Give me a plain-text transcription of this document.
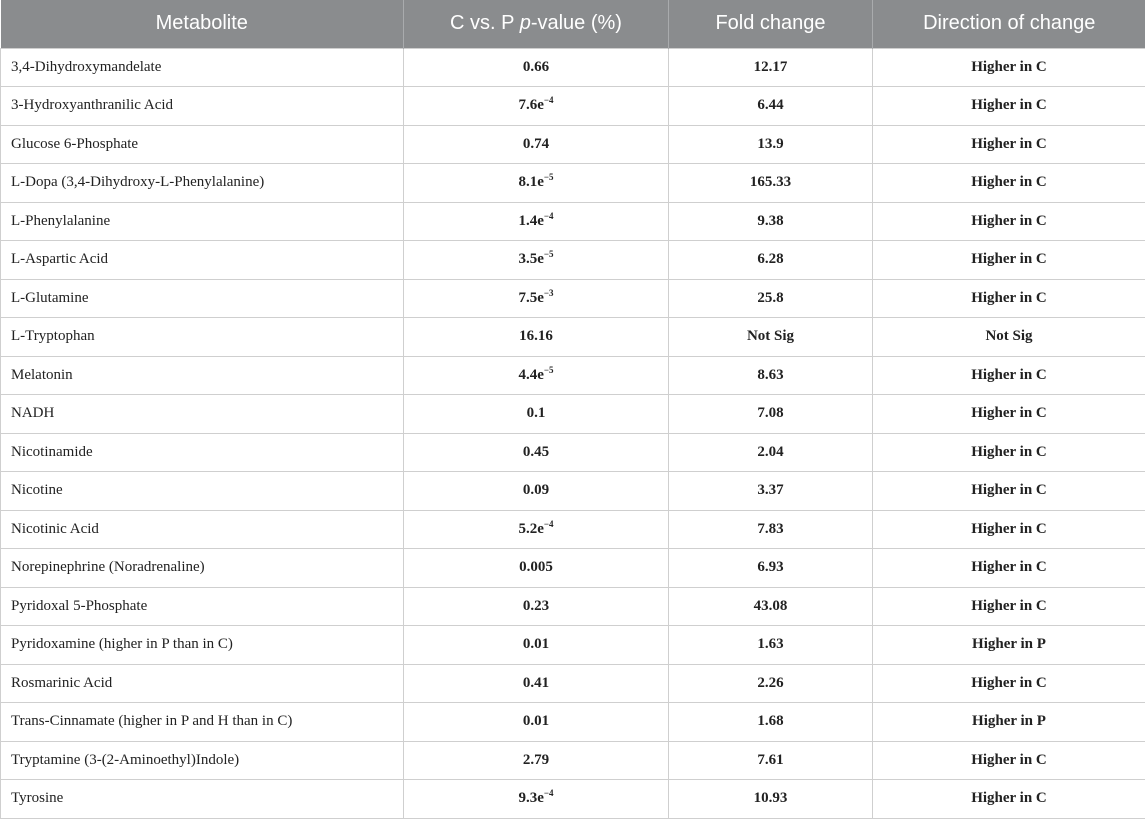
Metabolite	C vs. P p-value (%)	Fold change	Direction of change
3,4-Dihydroxymandelate	0.66	12.17	Higher in C
3-Hydroxyanthranilic Acid	$7.6e^{-4}$	6.44	Higher in C
Glucose 6-Phosphate	0.74	13.9	Higher in C
L-Dopa (3,4-Dihydroxy-L-Phenylalanine)	$8.1e^{-5}$	165.33	Higher in C
L-Phenylalanine	$1.4e^{-4}$	9.38	Higher in C
L-Aspartic Acid	$3.5e^{-5}$	6.28	Higher in C
L-Glutamine	$7.5e^{-3}$	25.8	Higher in C
L-Tryptophan	16.16	Not Sig	Not Sig
Melatonin	$4.4e^{-5}$	8.63	Higher in C
NADH	0.1	7.08	Higher in C
Nicotinamide	0.45	2.04	Higher in C
Nicotine	0.09	3.37	Higher in C
Nicotinic Acid	$5.2e^{-4}$	7.83	Higher in C
Norepinephrine (Noradrenaline)	0.005	6.93	Higher in C
Pyridoxal 5-Phosphate	0.23	43.08	Higher in C
Pyridoxamine (higher in P than in C)	0.01	1.63	Higher in P
Rosmarinic Acid	0.41	2.26	Higher in C
Trans-Cinnamate (higher in P and H than in C)	0.01	1.68	Higher in P
Tryptamine (3-(2-Aminoethyl)Indole)	2.79	7.61	Higher in C
Tyrosine	$9.3e^{-4}$	10.93	Higher in C
